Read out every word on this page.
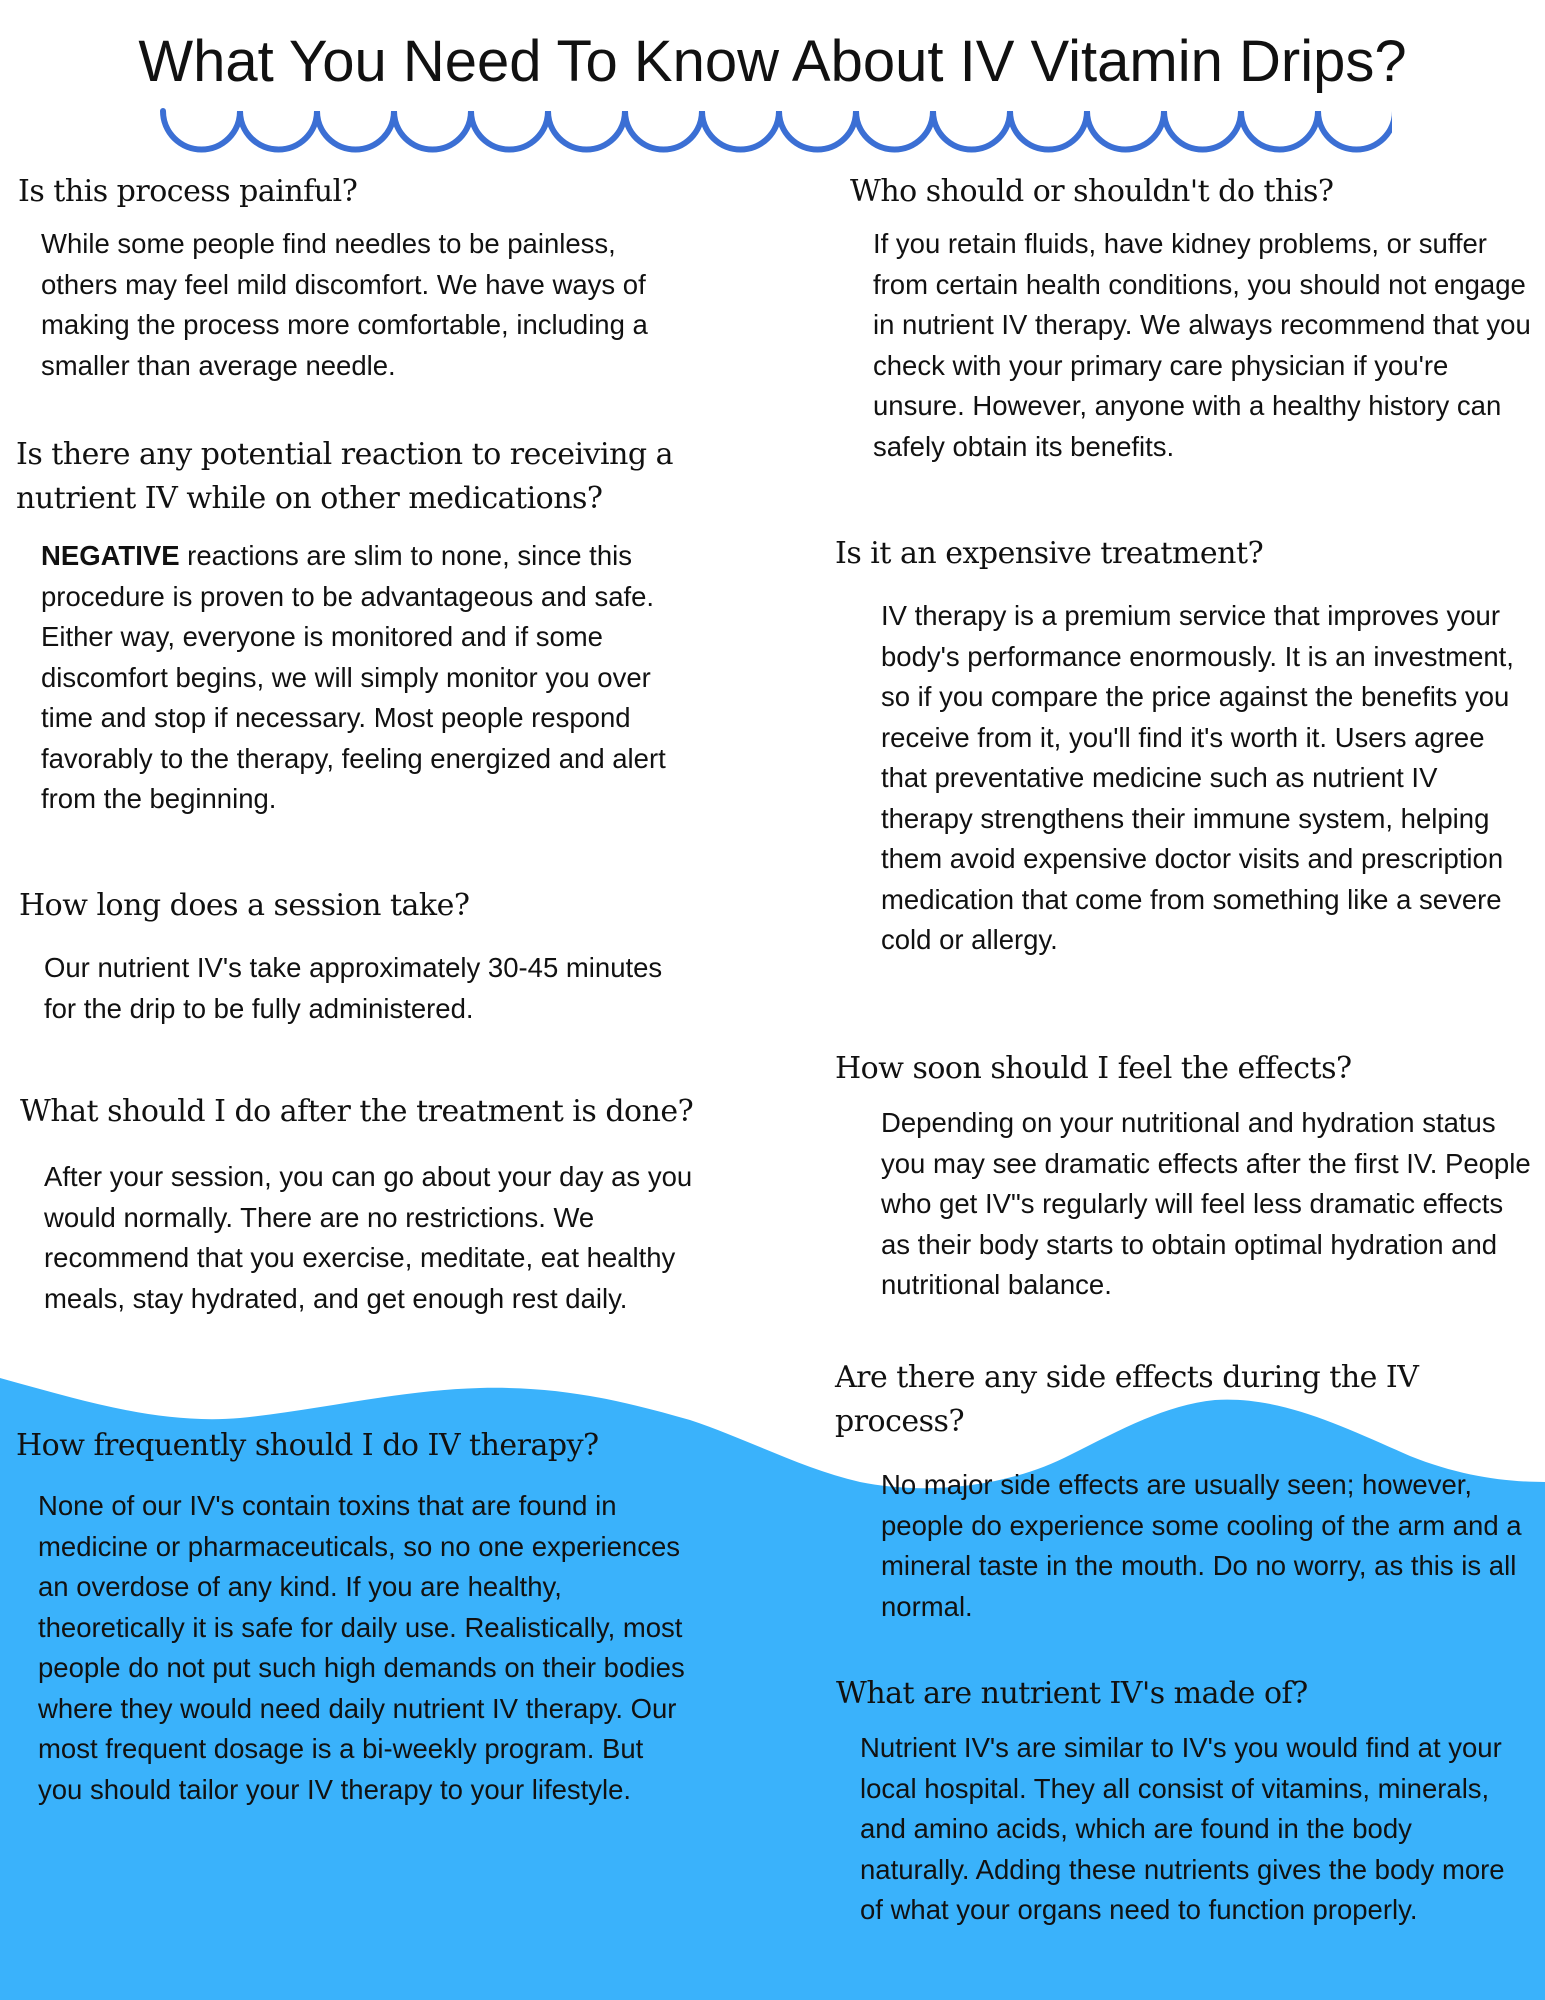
What You Need To Know About IV Vitamin Drips?
Is this process painful?

While some people find needles to be painless, others may feel mild discomfort. We have ways of making the process more comfortable, including a smaller than average needle.

Is there any potential reaction to receiving a nutrient IV while on other medications?

NEGATIVE reactions are slim to none, since this procedure is proven to be advantageous and safe. Either way, everyone is monitored and if some discomfort begins, we will simply monitor you over time and stop if necessary. Most people respond favorably to the therapy, feeling energized and alert from the beginning.

How long does a session take?

Our nutrient IV's take approximately 30-45 minutes for the drip to be fully administered.

What should I do after the treatment is done?

After your session, you can go about your day as you would normally. There are no restrictions. We recommend that you exercise, meditate, eat healthy meals, stay hydrated, and get enough rest daily.

How frequently should I do IV therapy?

None of our IV's contain toxins that are found in medicine or pharmaceuticals, so no one experiences an overdose of any kind. If you are healthy, theoretically it is safe for daily use. Realistically, most people do not put such high demands on their bodies where they would need daily nutrient IV therapy. Our most frequent dosage is a bi-weekly program. But you should tailor your IV therapy to your lifestyle.

Who should or shouldn't do this?

If you retain fluids, have kidney problems, or suffer from certain health conditions, you should not engage in nutrient IV therapy. We always recommend that you check with your primary care physician if you're unsure. However, anyone with a healthy history can safely obtain its benefits.

Is it an expensive treatment?

IV therapy is a premium service that improves your body's performance enormously. It is an investment, so if you compare the price against the benefits you receive from it, you'll find it's worth it. Users agree that preventative medicine such as nutrient IV therapy strengthens their immune system, helping them avoid expensive doctor visits and prescription medication that come from something like a severe cold or allergy.

How soon should I feel the effects?

Depending on your nutritional and hydration status you may see dramatic effects after the first IV. People who get IV"s regularly will feel less dramatic effects as their body starts to obtain optimal hydration and nutritional balance.

Are there any side effects during the IV process?

No major side effects are usually seen; however, people do experience some cooling of the arm and a mineral taste in the mouth. Do no worry, as this is all normal.

What are nutrient IV's made of?

Nutrient IV's are similar to IV's you would find at your local hospital. They all consist of vitamins, minerals, and amino acids, which are found in the body naturally. Adding these nutrients gives the body more of what your organs need to function properly.
